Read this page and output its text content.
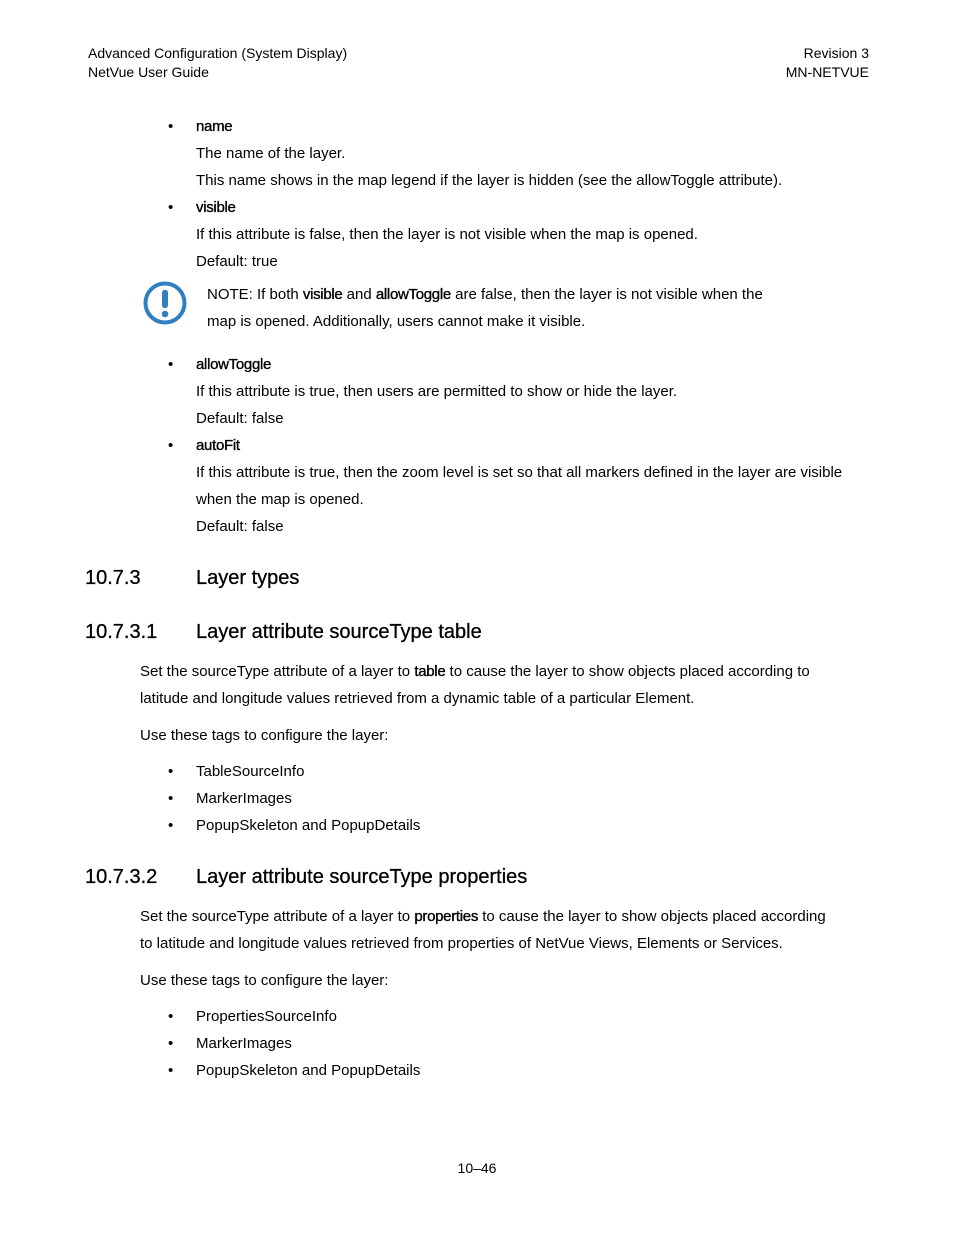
Advanced Configuration (System Display)
NetVue User Guide
Revision 3
MN-NETVUE
• name
The name of the layer.
This name shows in the map legend if the layer is hidden (see the allowToggle attribute).
• visible
If this attribute is false, then the layer is not visible when the map is opened.
Default: true
NOTE: If both visible and allowToggle are false, then the layer is not visible when the
map is opened. Additionally, users cannot make it visible.
• allowToggle
If this attribute is true, then users are permitted to show or hide the layer.
Default: false
• autoFit
If this attribute is true, then the zoom level is set so that all markers defined in the layer are visible
when the map is opened.
Default: false
10.7.3	Layer types
10.7.3.1 Layer attribute sourceType table
Set the sourceType attribute of a layer to table to cause the layer to show objects placed according to
latitude and longitude values retrieved from a dynamic table of a particular Element.
Use these tags to configure the layer:
• TableSourceInfo
• MarkerImages
• PopupSkeleton and PopupDetails
10.7.3.2 Layer attribute sourceType properties
Set the sourceType attribute of a layer to properties to cause the layer to show objects placed according
to latitude and longitude values retrieved from properties of NetVue Views, Elements or Services.
Use these tags to configure the layer:
• PropertiesSourceInfo
• MarkerImages
• PopupSkeleton and PopupDetails
10–46
